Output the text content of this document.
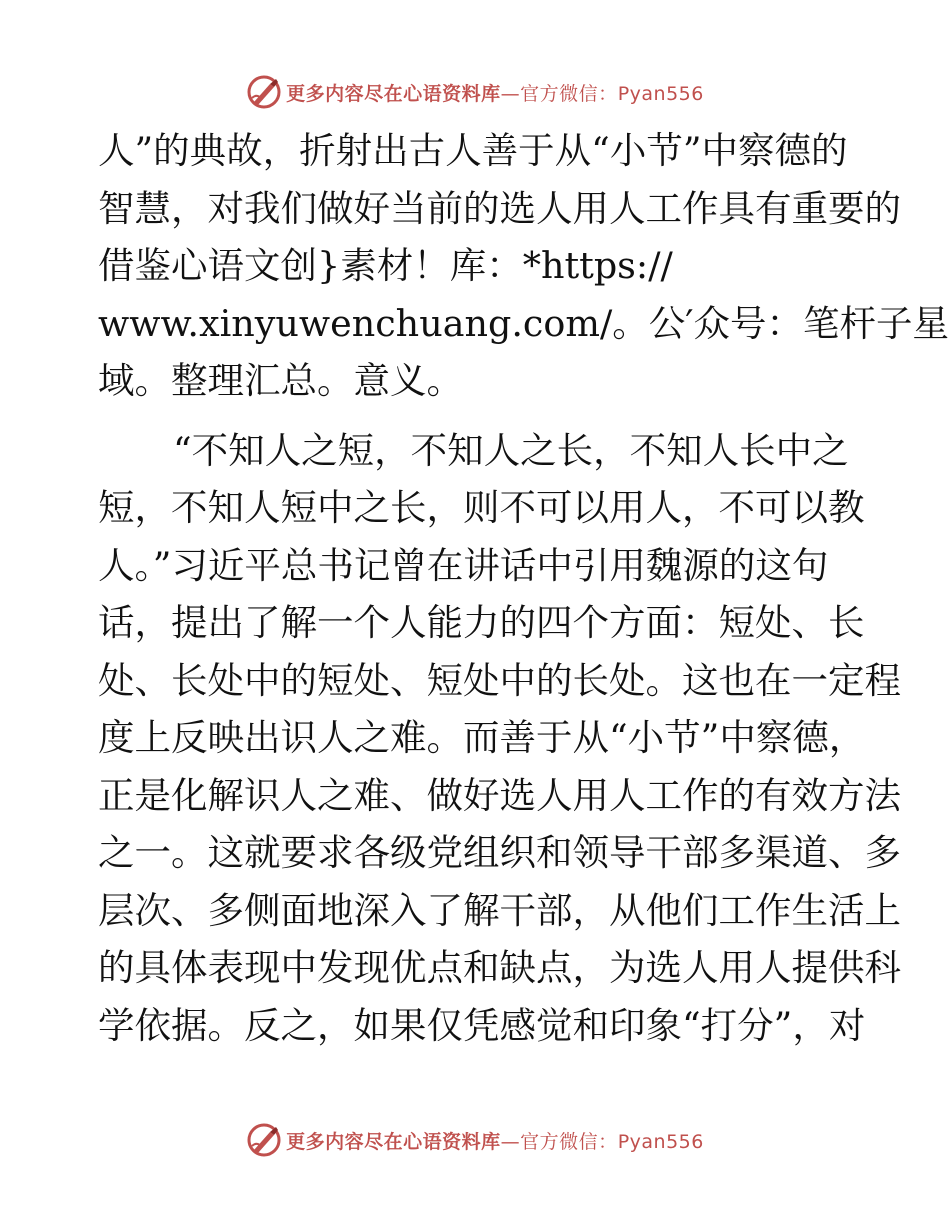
更多内容尽在心语资料库—官方微信：Pyan556
人”的典故，折射出古人善于从“小节”中察德的
智慧，对我们做好当前的选人用人工作具有重要的
借鉴心语文创}素材！库：*https://
www.xinyuwenchuang.com/。公′众号：笔杆子星
域。整理汇总。意义。
“不知人之短，不知人之长，不知人长中之
短，不知人短中之长，则不可以用人，不可以教
人。”习近平总书记曾在讲话中引用魏源的这句
话，提出了解一个人能力的四个方面：短处、长
处、长处中的短处、短处中的长处。这也在一定程
度上反映出识人之难。而善于从“小节”中察德，
正是化解识人之难、做好选人用人工作的有效方法
之一。这就要求各级党组织和领导干部多渠道、多
层次、多侧面地深入了解干部，从他们工作生活上
的具体表现中发现优点和缺点，为选人用人提供科
学依据。反之，如果仅凭感觉和印象“打分”，对
更多内容尽在心语资料库—官方微信：Pyan556
